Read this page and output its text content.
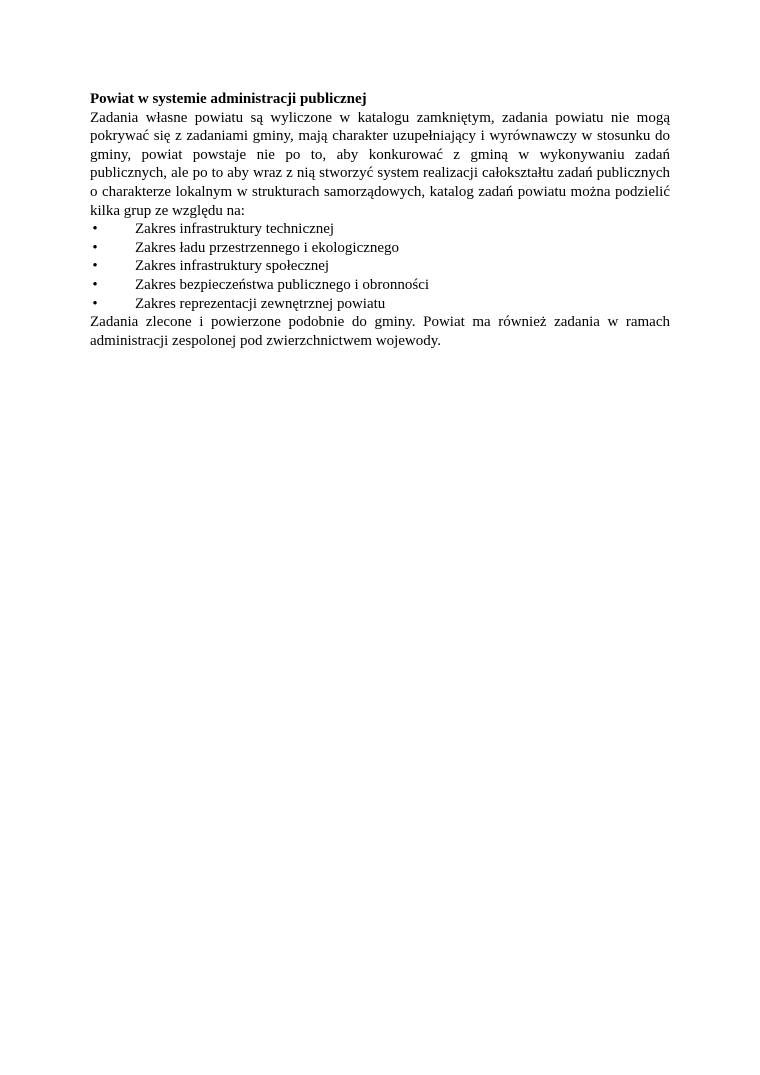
Powiat w systemie administracji publicznej

Zadania własne powiatu są wyliczone w katalogu zamkniętym, zadania powiatu nie mogą pokrywać się z zadaniami gminy, mają charakter uzupełniający i wyrównawczy w stosunku do gminy, powiat powstaje nie po to, aby konkurować z gminą w wykonywaniu zadań publicznych, ale po to aby wraz z nią stworzyć system realizacji całokształtu zadań publicznych o charakterze lokalnym w strukturach samorządowych, katalog zadań powiatu można podzielić kilka grup ze względu na:

• Zakres infrastruktury technicznej
• Zakres ładu przestrzennego i ekologicznego
• Zakres infrastruktury społecznej
• Zakres bezpieczeństwa publicznego i obronności
• Zakres reprezentacji zewnętrznej powiatu

Zadania zlecone i powierzone podobnie do gminy. Powiat ma również zadania w ramach administracji zespolonej pod zwierzchnictwem wojewody.
